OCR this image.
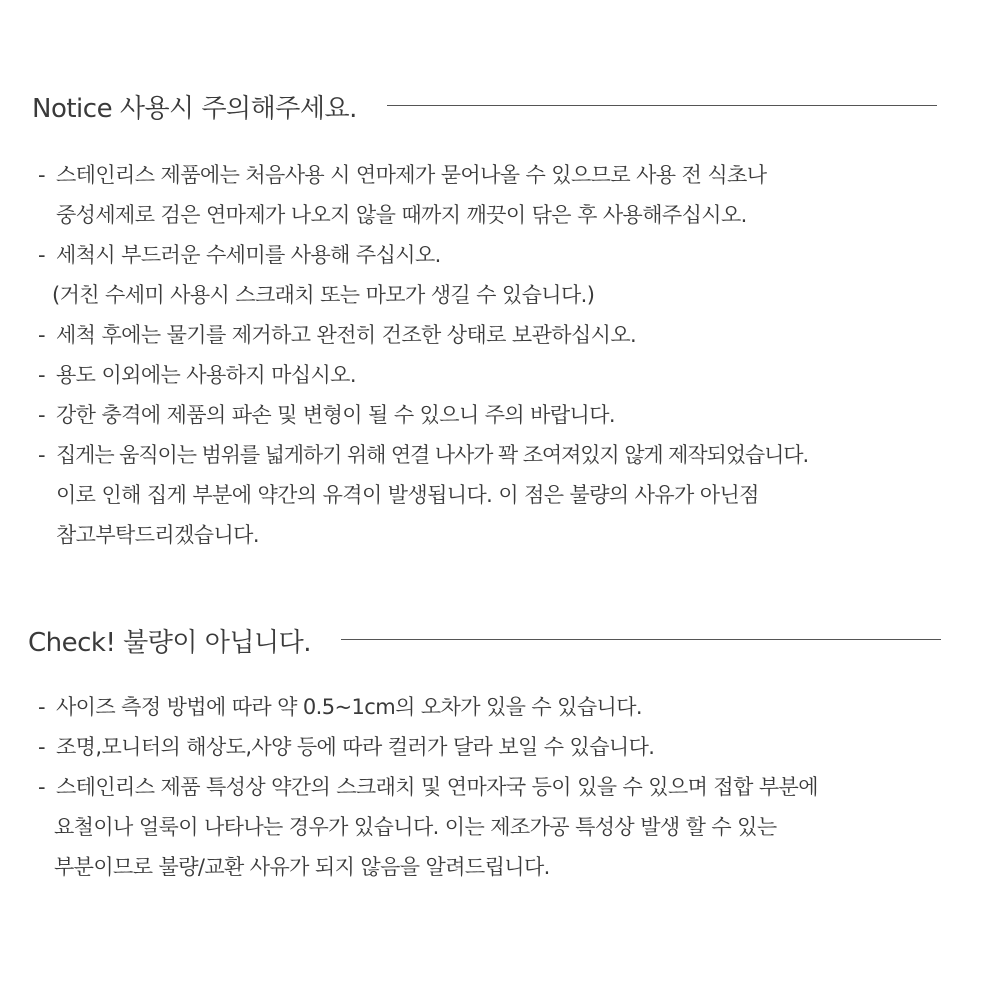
Notice 사용시 주의해주세요.
- 스테인리스 제품에는 처음사용 시 연마제가 묻어나올 수 있으므로 사용 전 식초나
중성세제로 검은 연마제가 나오지 않을 때까지 깨끗이 닦은 후 사용해주십시오.
- 세척시 부드러운 수세미를 사용해 주십시오.
(거친 수세미 사용시 스크래치 또는 마모가 생길 수 있습니다.)
- 세척 후에는 물기를 제거하고 완전히 건조한 상태로 보관하십시오.
- 용도 이외에는 사용하지 마십시오.
- 강한 충격에 제품의 파손 및 변형이 될 수 있으니 주의 바랍니다.
- 집게는 움직이는 범위를 넓게하기 위해 연결 나사가 꽉 조여져있지 않게 제작되었습니다.
이로 인해 집게 부분에 약간의 유격이 발생됩니다. 이 점은 불량의 사유가 아닌점
참고부탁드리겠습니다.
Check! 불량이 아닙니다.
- 사이즈 측정 방법에 따라 약 0.5~1cm의 오차가 있을 수 있습니다.
- 조명,모니터의 해상도,사양 등에 따라 컬러가 달라 보일 수 있습니다.
- 스테인리스 제품 특성상 약간의 스크래치 및 연마자국 등이 있을 수 있으며 접합 부분에
요철이나 얼룩이 나타나는 경우가 있습니다. 이는 제조가공 특성상 발생 할 수 있는
부분이므로 불량/교환 사유가 되지 않음을 알려드립니다.
